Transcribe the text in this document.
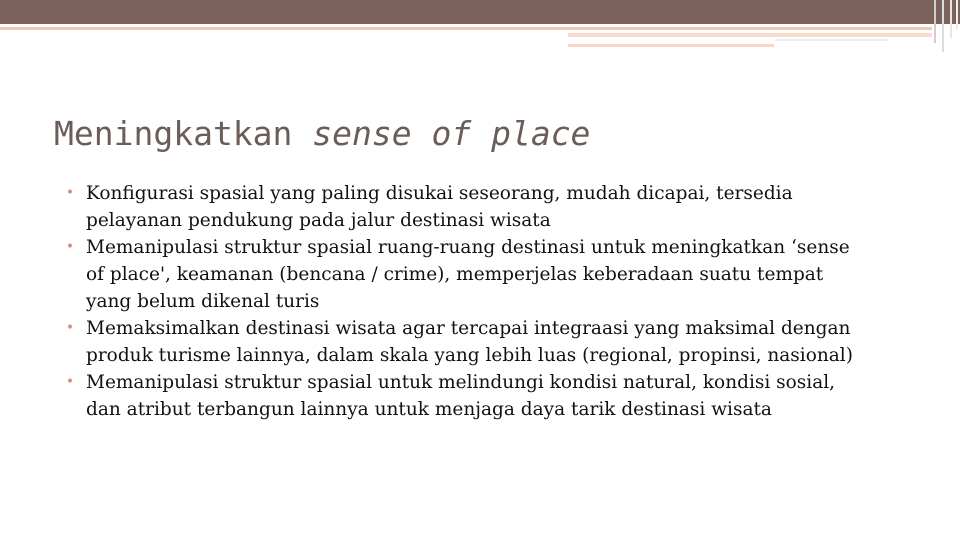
Meningkatkan sense of place
• Konfigurasi spasial yang paling disukai seseorang, mudah dicapai, tersedia pelayanan pendukung pada jalur destinasi wisata
• Memanipulasi struktur spasial ruang-ruang destinasi untuk meningkatkan ‘sense of place', keamanan (bencana / crime), memperjelas keberadaan suatu tempat yang belum dikenal turis
• Memaksimalkan destinasi wisata agar tercapai integraasi yang maksimal dengan produk turisme lainnya, dalam skala yang lebih luas (regional, propinsi, nasional)
• Memanipulasi struktur spasial untuk melindungi kondisi natural, kondisi sosial, dan atribut terbangun lainnya untuk menjaga daya tarik destinasi wisata
